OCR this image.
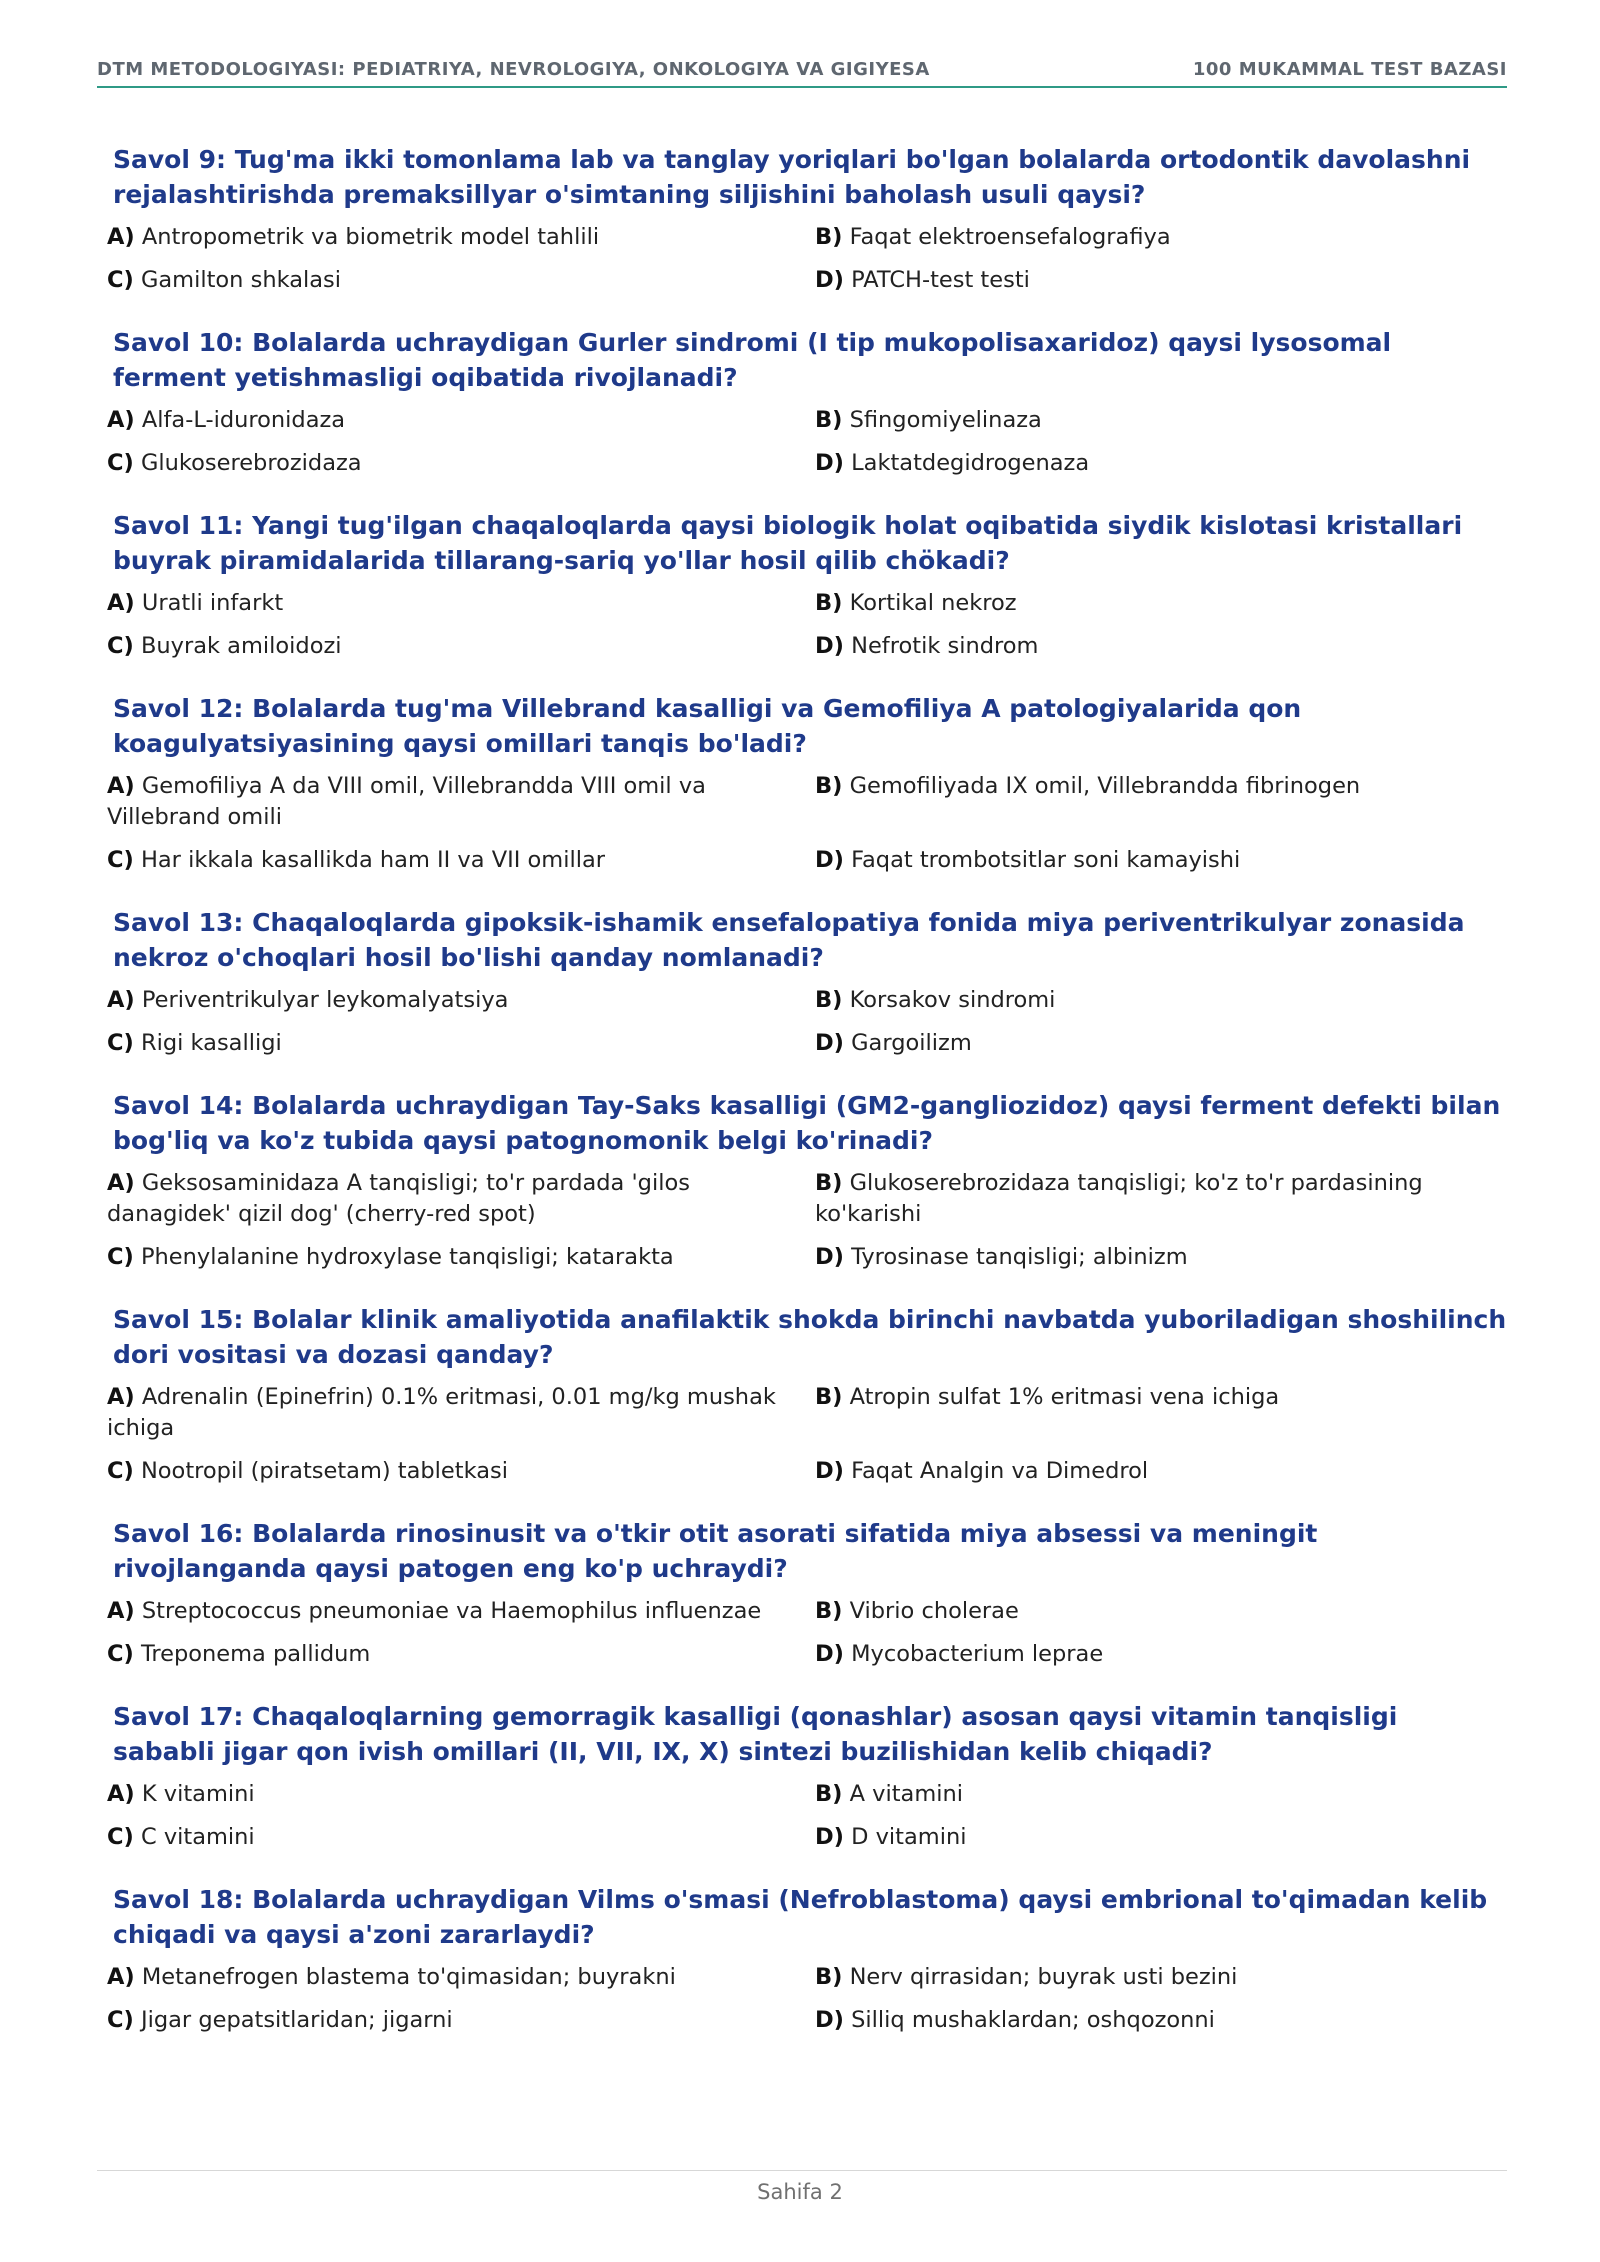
DTM METODOLOGIYASI: PEDIATRIYA, NEVROLOGIYA, ONKOLOGIYA VA GIGIYESA	100 MUKAMMAL TEST BAZASI
Savol 9: Tug'ma ikki tomonlama lab va tanglay yoriqlari bo'lgan bolalarda ortodontik davolashni rejalashtirishda premaksillyar o'simtaning siljishini baholash usuli qaysi?
A) Antropometrik va biometrik model tahlili	B) Faqat elektroensefalografiya
C) Gamilton shkalasi	D) PATCH-test testi
Savol 10: Bolalarda uchraydigan Gurler sindromi (I tip mukopolisaxaridoz) qaysi lysosomal ferment yetishmasligi oqibatida rivojlanadi?
A) Alfa-L-iduronidaza	B) Sfingomiyelinaza
C) Glukoserebrozidaza	D) Laktatdegidrogenaza
Savol 11: Yangi tug'ilgan chaqaloqlarda qaysi biologik holat oqibatida siydik kislotasi kristallari buyrak piramidalarida tillarang-sariq yo'llar hosil qilib chökadi?
A) Uratli infarkt	B) Kortikal nekroz
C) Buyrak amiloidozi	D) Nefrotik sindrom
Savol 12: Bolalarda tug'ma Villebrand kasalligi va Gemofiliya A patologiyalarida qon koagulyatsiyasining qaysi omillari tanqis bo'ladi?
A) Gemofiliya A da VIII omil, Villebrandda VIII omil va Villebrand omili
B) Gemofiliyada IX omil, Villebrandda fibrinogen
C) Har ikkala kasallikda ham II va VII omillar	D) Faqat trombotsitlar soni kamayishi
Savol 13: Chaqaloqlarda gipoksik-ishamik ensefalopatiya fonida miya periventrikulyar zonasida nekroz o'choqlari hosil bo'lishi qanday nomlanadi?
A) Periventrikulyar leykomalyatsiya	B) Korsakov sindromi
C) Rigi kasalligi	D) Gargoilizm
Savol 14: Bolalarda uchraydigan Tay-Saks kasalligi (GM2-gangliozidoz) qaysi ferment defekti bilan bog'liq va ko'z tubida qaysi patognomonik belgi ko'rinadi?
A) Geksosaminidaza A tanqisligi; to'r pardada 'gilos danagidek' qizil dog' (cherry-red spot)
B) Glukoserebrozidaza tanqisligi; ko'z to'r pardasining ko'karishi
C) Phenylalanine hydroxylase tanqisligi; katarakta	D) Tyrosinase tanqisligi; albinizm
Savol 15: Bolalar klinik amaliyotida anafilaktik shokda birinchi navbatda yuboriladigan shoshilinch dori vositasi va dozasi qanday?
A) Adrenalin (Epinefrin) 0.1% eritmasi, 0.01 mg/kg mushak ichiga
B) Atropin sulfat 1% eritmasi vena ichiga
C) Nootropil (piratsetam) tabletkasi	D) Faqat Analgin va Dimedrol
Savol 16: Bolalarda rinosinusit va o'tkir otit asorati sifatida miya absessi va meningit rivojlanganda qaysi patogen eng ko'p uchraydi?
A) Streptococcus pneumoniae va Haemophilus influenzae	B) Vibrio cholerae
C) Treponema pallidum	D) Mycobacterium leprae
Savol 17: Chaqaloqlarning gemorragik kasalligi (qonashlar) asosan qaysi vitamin tanqisligi sababli jigar qon ivish omillari (II, VII, IX, X) sintezi buzilishidan kelib chiqadi?
A) K vitamini	B) A vitamini
C) C vitamini	D) D vitamini
Savol 18: Bolalarda uchraydigan Vilms o'smasi (Nefroblastoma) qaysi embrional to'qimadan kelib chiqadi va qaysi a'zoni zararlaydi?
A) Metanefrogen blastema to'qimasidan; buyrakni	B) Nerv qirrasidan; buyrak usti bezini
C) Jigar gepatsitlaridan; jigarni	D) Silliq mushaklardan; oshqozonni
Sahifa 2
